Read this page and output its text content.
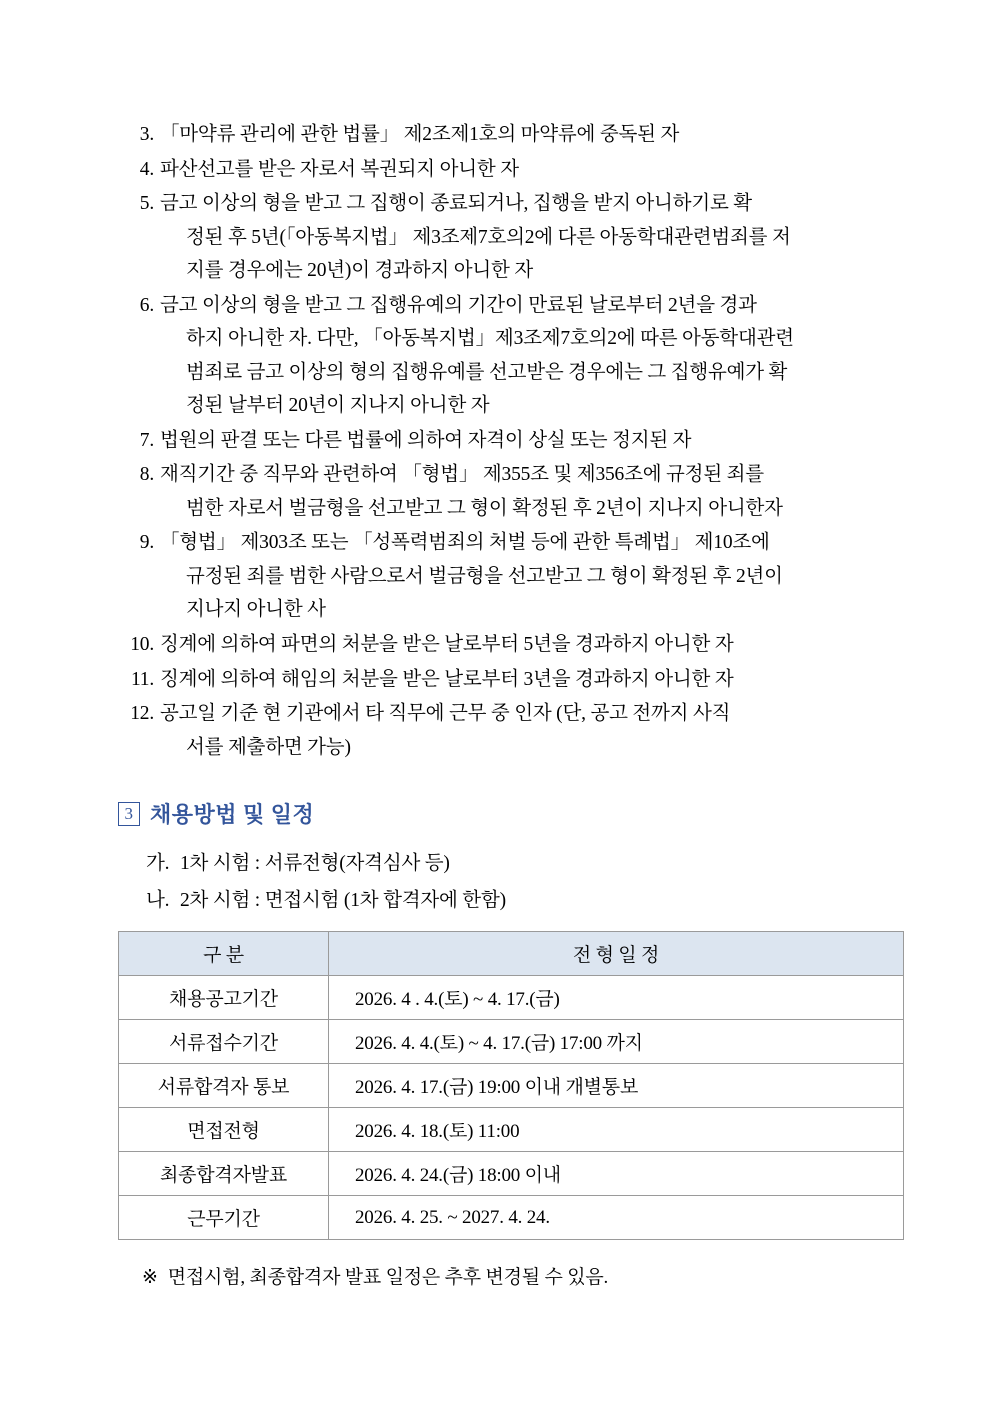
3. 「마약류 관리에 관한 법률」 제2조제1호의 마약류에 중독된 자
4. 파산선고를 받은 자로서 복권되지 아니한 자
5. 금고 이상의 형을 받고 그 집행이 종료되거나, 집행을 받지 아니하기로 확
정된 후 5년(「아동복지법」 제3조제7호의2에 다른 아동학대관련범죄를 저
지를 경우에는 20년)이 경과하지 아니한 자
6. 금고 이상의 형을 받고 그 집행유예의 기간이 만료된 날로부터 2년을 경과
하지 아니한 자. 다만, 「아동복지법」제3조제7호의2에 따른 아동학대관련
범죄로 금고 이상의 형의 집행유예를 선고받은 경우에는 그 집행유예가 확
정된 날부터 20년이 지나지 아니한 자
7. 법원의 판결 또는 다른 법률에 의하여 자격이 상실 또는 정지된 자
8. 재직기간 중 직무와 관련하여 「형법」 제355조 및 제356조에 규정된 죄를
범한 자로서 벌금형을 선고받고 그 형이 확정된 후 2년이 지나지 아니한자
9. 「형법」 제303조 또는 「성폭력범죄의 처벌 등에 관한 특례법」 제10조에
규정된 죄를 범한 사람으로서 벌금형을 선고받고 그 형이 확정된 후 2년이
지나지 아니한 사
10. 징계에 의하여 파면의 처분을 받은 날로부터 5년을 경과하지 아니한 자
11. 징계에 의하여 해임의 처분을 받은 날로부터 3년을 경과하지 아니한 자
12. 공고일 기준 현 기관에서 타 직무에 근무 중 인자 (단, 공고 전까지 사직
서를 제출하면 가능)
3 채용방법 및 일정
가. 1차 시험 : 서류전형(자격심사 등)
나. 2차 시험 : 면접시험 (1차 합격자에 한함)
구 분	전 형 일 정
채용공고기간	2026. 4 . 4.(토) ~ 4. 17.(금)
서류접수기간	2026. 4. 4.(토) ~ 4. 17.(금) 17:00 까지
서류합격자 통보	2026. 4. 17.(금) 19:00 이내 개별통보
면접전형	2026. 4. 18.(토) 11:00
최종합격자발표	2026. 4. 24.(금) 18:00 이내
근무기간	2026. 4. 25. ~ 2027. 4. 24.
※ 면접시험, 최종합격자 발표 일정은 추후 변경될 수 있음.
